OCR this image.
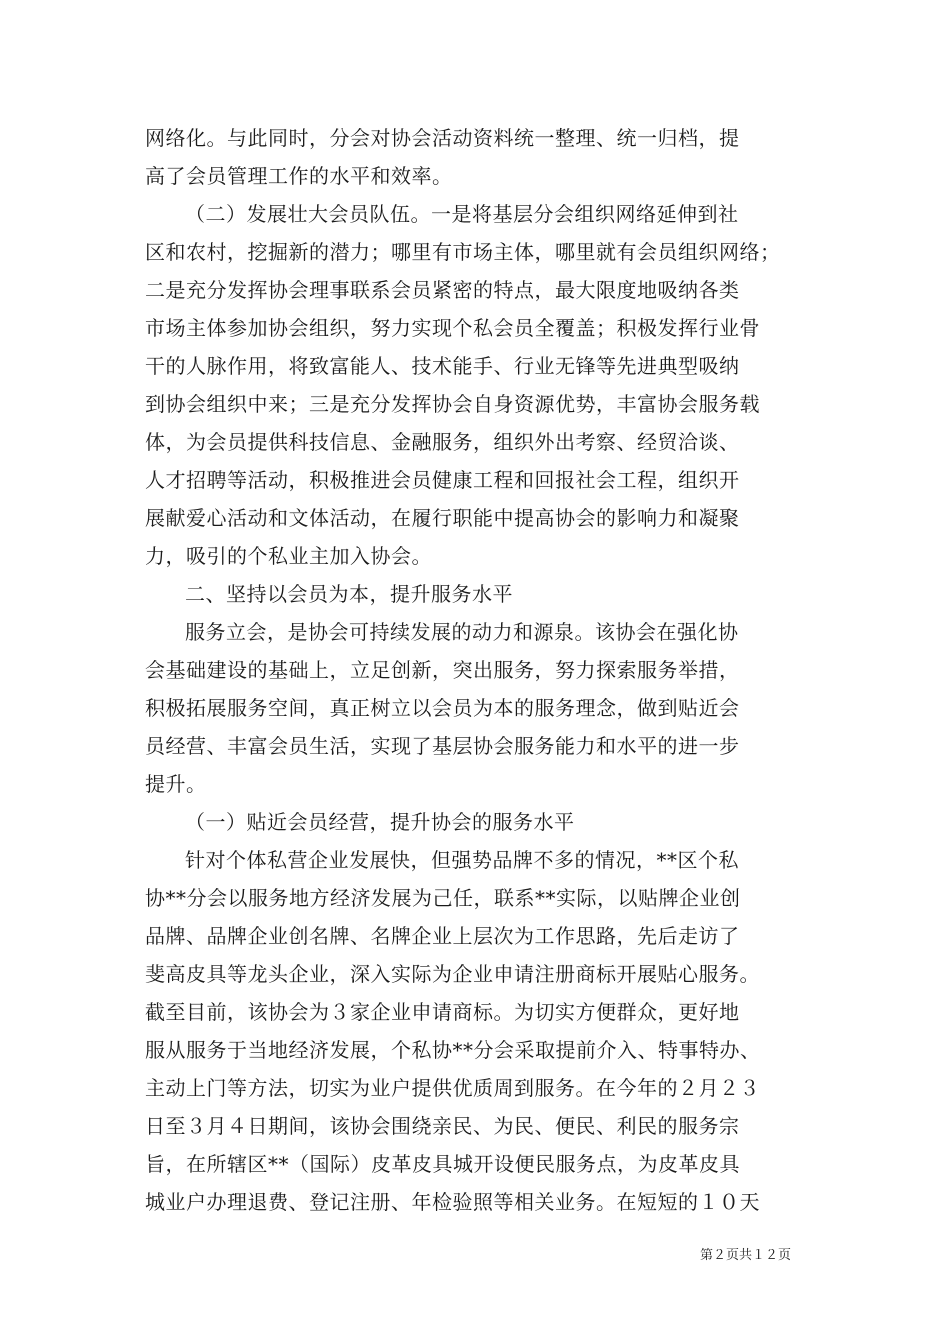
网络化。与此同时，分会对协会活动资料统一整理、统一归档，提
高了会员管理工作的水平和效率。
（二）发展壮大会员队伍。一是将基层分会组织网络延伸到社
区和农村，挖掘新的潜力；哪里有市场主体，哪里就有会员组织网络；
二是充分发挥协会理事联系会员紧密的特点，最大限度地吸纳各类
市场主体参加协会组织，努力实现个私会员全覆盖；积极发挥行业骨
干的人脉作用，将致富能人、技术能手、行业无锋等先进典型吸纳
到协会组织中来；三是充分发挥协会自身资源优势，丰富协会服务载
体，为会员提供科技信息、金融服务，组织外出考察、经贸洽谈、
人才招聘等活动，积极推进会员健康工程和回报社会工程，组织开
展献爱心活动和文体活动，在履行职能中提高协会的影响力和凝聚
力，吸引的个私业主加入协会。
二、坚持以会员为本，提升服务水平
服务立会，是协会可持续发展的动力和源泉。该协会在强化协
会基础建设的基础上，立足创新，突出服务，努力探索服务举措，
积极拓展服务空间，真正树立以会员为本的服务理念，做到贴近会
员经营、丰富会员生活，实现了基层协会服务能力和水平的进一步
提升。
（一）贴近会员经营，提升协会的服务水平
针对个体私营企业发展快，但强势品牌不多的情况，**区个私
协**分会以服务地方经济发展为己任，联系**实际，以贴牌企业创
品牌、品牌企业创名牌、名牌企业上层次为工作思路，先后走访了
斐高皮具等龙头企业，深入实际为企业申请注册商标开展贴心服务。
截至目前，该协会为３家企业申请商标。为切实方便群众，更好地
服从服务于当地经济发展，个私协**分会采取提前介入、特事特办、
主动上门等方法，切实为业户提供优质周到服务。在今年的２月２３
日至３月４日期间，该协会围绕亲民、为民、便民、利民的服务宗
旨，在所辖区**（国际）皮革皮具城开设便民服务点，为皮革皮具
城业户办理退费、登记注册、年检验照等相关业务。在短短的１０天
第２页共１２页
